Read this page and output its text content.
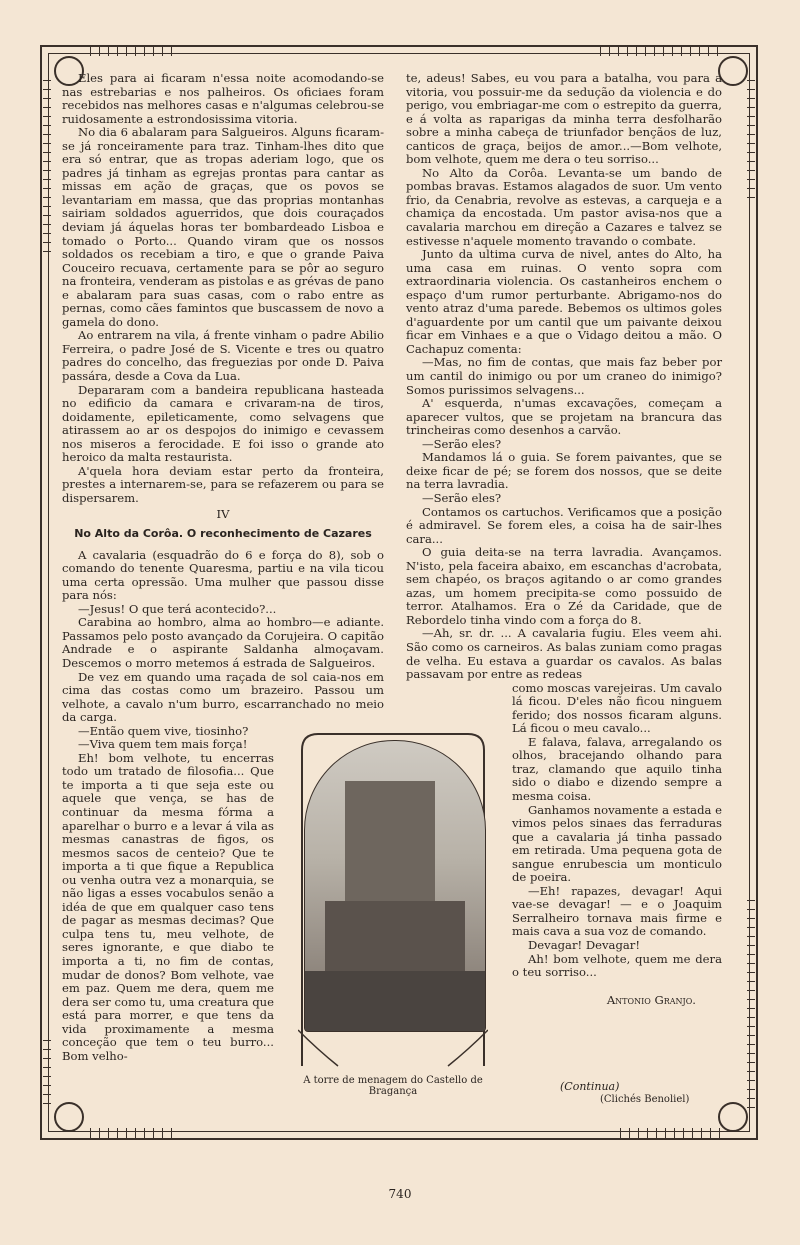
Eles para ai ficaram n'essa noite acomodando-se nas estrebarias e nos palheiros. Os oficiaes foram recebidos nas melhores casas e n'algumas celebrou-se ruidosamente a estrondosissima vitoria.

No dia 6 abalaram para Salgueiros. Alguns ficaram-se já ronceiramente para traz. Tinham-lhes dito que era só entrar, que as tropas aderiam logo, que os padres já tinham as egrejas prontas para cantar as missas em ação de graças, que os povos se levantariam em massa, que das proprias montanhas sairiam soldados aguerridos, que dois couraçados deviam já áquelas horas ter bombardeado Lisboa e tomado o Porto... Quando viram que os nossos soldados os recebiam a tiro, e que o grande Paiva Couceiro recuava, certamente para se pôr ao seguro na fronteira, venderam as pistolas e as grévas de pano e abalaram para suas casas, com o rabo entre as pernas, como cães famintos que buscassem de novo a gamela do dono.

Ao entrarem na vila, á frente vinham o padre Abilio Ferreira, o padre José de S. Vicente e tres ou quatro padres do concelho, das freguezias por onde D. Paiva passára, desde a Cova da Lua.

Depararam com a bandeira republicana hasteada no edificio da camara e crivaram-na de tiros, doidamente, epileticamente, como selvagens que atirassem ao ar os despojos do inimigo e cevassem nos miseros a ferocidade. E foi isso o grande ato heroico da malta restaurista.

A'quela hora deviam estar perto da fronteira, prestes a internarem-se, para se refazerem ou para se dispersarem.

IV

No Alto da Corôa. O reconhecimento de Cazares

A cavalaria (esquadrão do 6 e força do 8), sob o comando do tenente Quaresma, partiu e na vila ticou uma certa opressão. Uma mulher que passou disse para nós:

—Jesus! O que terá acontecido?...

Carabina ao hombro, alma ao hombro—e adiante. Passamos pelo posto avançado da Corujeira. O capitão Andrade e o aspirante Saldanha almoçavam. Descemos o morro metemos á estrada de Salgueiros.

De vez em quando uma raçada de sol caia-nos em cima das costas como um brazeiro. Passou um velhote, a cavalo n'um burro, escarranchado no meio da carga.

—Então quem vive, tiosinho?

—Viva quem tem mais força!

Eh! bom velhote, tu encerras todo um tratado de filosofia... Que te importa a ti que seja este ou aquele que vença, se has de continuar da mesma fórma a aparelhar o burro e a levar á vila as mesmas canastras de figos, os mesmos sacos de centeio? Que te importa a ti que fique a Republica ou venha outra vez a monarquia, se não ligas a esses vocabulos senão a idéa de que em qualquer caso tens de pagar as mesmas decimas? Que culpa tens tu, meu velhote, de seres ignorante, e que diabo te importa a ti, no fim de contas, mudar de donos? Bom velhote, vae em paz. Quem me dera, quem me dera ser como tu, uma creatura que está para morrer, e que tens da vida proximamente a mesma conceção que tem o teu burro... Bom velho-

te, adeus! Sabes, eu vou para a batalha, vou para a vitoria, vou possuir-me da sedução da violencia e do perigo, vou embriagar-me com o estrepito da guerra, e á volta as raparigas da minha terra desfolharão sobre a minha cabeça de triunfador bençãos de luz, canticos de graça, beijos de amor...—Bom velhote, bom velhote, quem me dera o teu sorriso...

No Alto da Corôa. Levanta-se um bando de pombas bravas. Estamos alagados de suor. Um vento frio, da Cenabria, revolve as estevas, a carqueja e a chamiça da encostada. Um pastor avisa-nos que a cavalaria marchou em direção a Cazares e talvez se estivesse n'aquele momento travando o combate.

Junto da ultima curva de nivel, antes do Alto, ha uma casa em ruinas. O vento sopra com extraordinaria violencia. Os castanheiros enchem o espaço d'um rumor perturbante. Abrigamo-nos do vento atraz d'uma parede. Bebemos os ultimos goles d'aguardente por um cantil que um paivante deixou ficar em Vinhaes e a que o Vidago deitou a mão. O Cachapuz comenta:

—Mas, no fim de contas, que mais faz beber por um cantil do inimigo ou por um craneo do inimigo? Somos purissimos selvagens...

A' esquerda, n'umas excavações, começam a aparecer vultos, que se projetam na brancura das trincheiras como desenhos a carvão.

—Serão eles?

Mandamos lá o guia. Se forem paivantes, que se deixe ficar de pé; se forem dos nossos, que se deite na terra lavradia.

—Serão eles?

Contamos os cartuchos. Verificamos que a posição é admiravel. Se forem eles, a coisa ha de sair-lhes cara...

O guia deita-se na terra lavradia. Avançamos. N'isto, pela faceira abaixo, em escanchas d'acrobata, sem chapéo, os braços agitando o ar como grandes azas, um homem precipita-se como possuido de terror. Atalhamos. Era o Zé da Caridade, que de Rebordelo tinha vindo com a força do 8.

—Ah, sr. dr. ... A cavalaria fugiu. Eles veem ahi. São como os carneiros. As balas zuniam como pragas de velha. Eu estava a guardar os cavalos. As balas passavam por entre as redeas

como moscas varejeiras. Um cavalo lá ficou. D'eles não ficou ninguem ferido; dos nossos ficaram alguns. Lá ficou o meu cavalo...

E falava, falava, arregalando os olhos, bracejando olhando para traz, clamando que aquilo tinha sido o diabo e dizendo sempre a mesma coisa.

Ganhamos novamente a estada e vimos pelos sinaes das ferraduras que a cavalaria já tinha passado em retirada. Uma pequena gota de sangue enrubescia um monticulo de poeira.

—Eh! rapazes, devagar! Aqui vae-se devagar! — e o Joaquim Serralheiro tornava mais firme e mais cava a sua voz de comando.

Devagar! Devagar!

Ah! bom velhote, quem me dera o teu sorriso...

Antonio Granjo.

A torre de menagem do Castello de Bragança	(Continua)
(Clichés Benoliel)
740
